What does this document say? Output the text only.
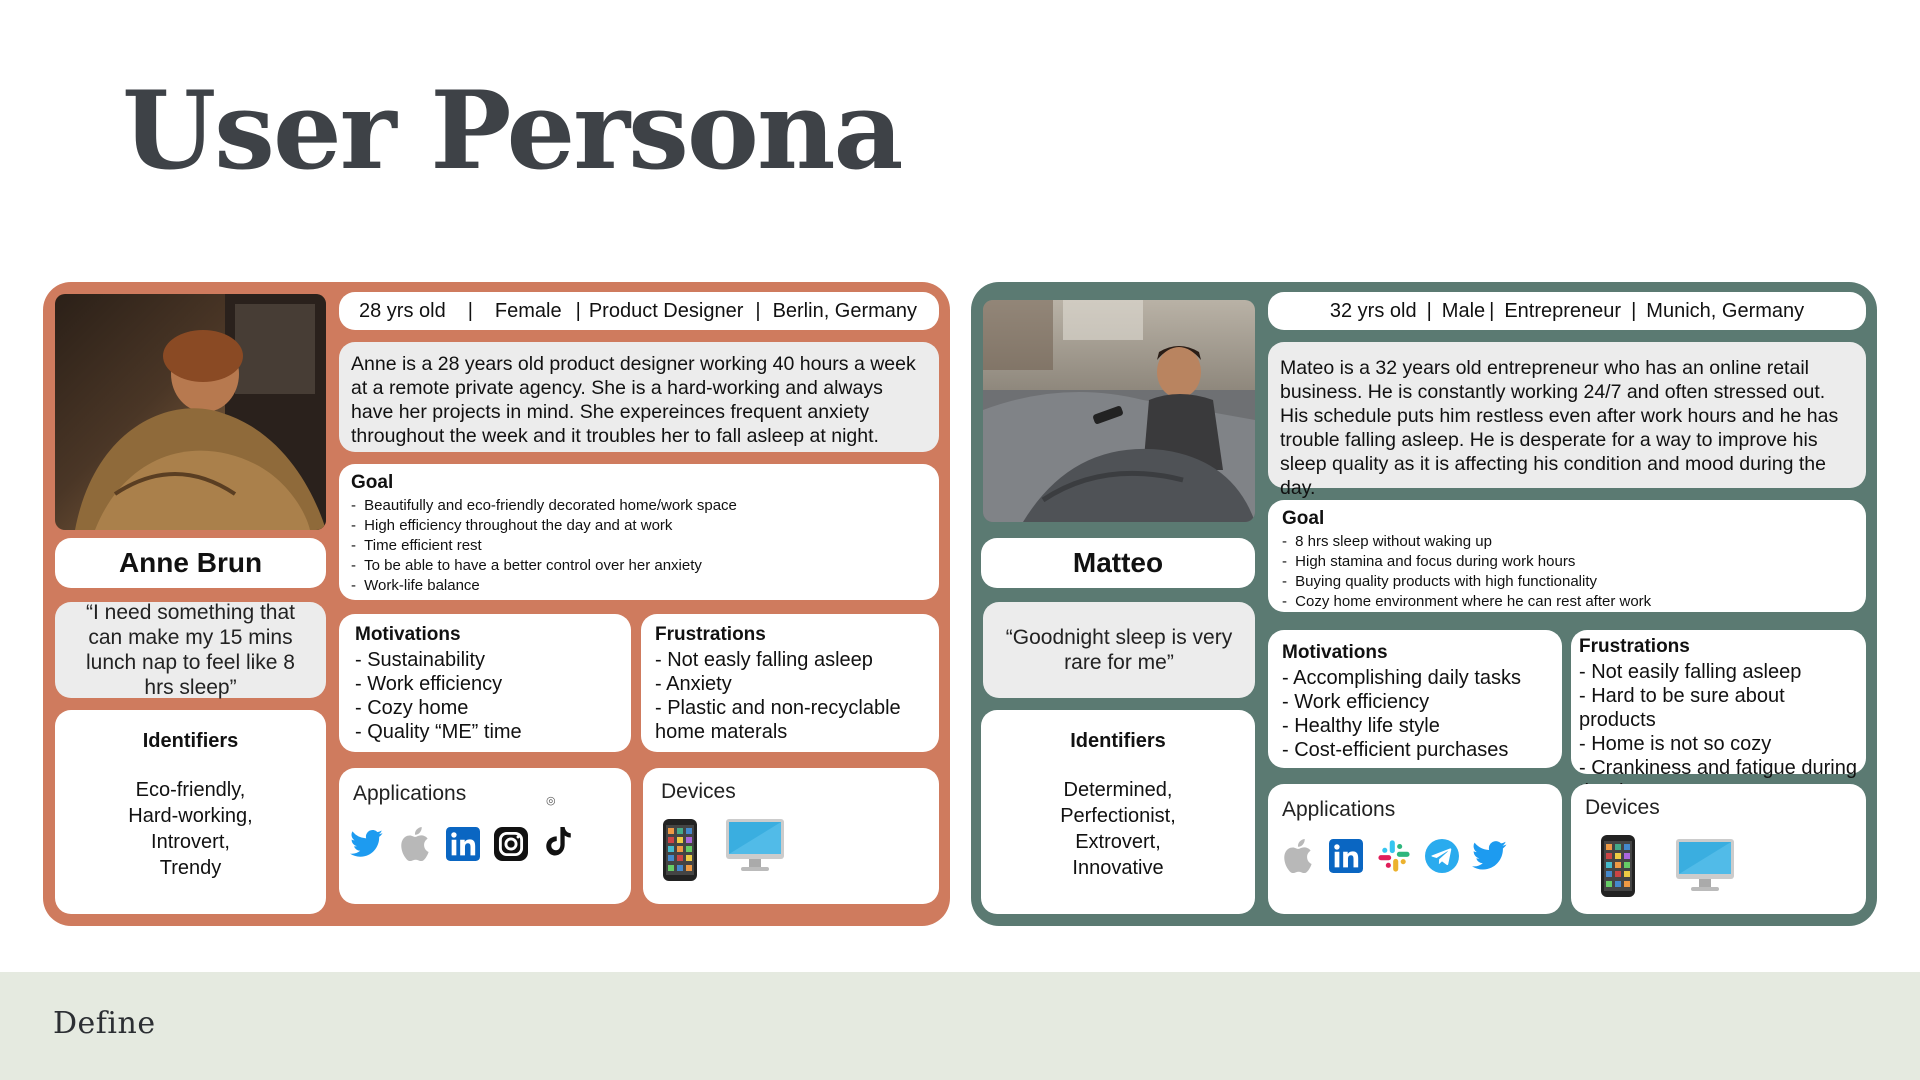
User Persona
Anne Brun
“I need something that can make my 15 mins lunch nap to feel like 8 hrs sleep”
Identifiers
Eco-friendly,
Hard-working,
Introvert,
Trendy
28 yrs old | Female | Product Designer | Berlin, Germany
Anne is a 28 years old product designer working 40 hours a week at a remote private agency. She is a hard-working and always have her projects in mind. She expereinces frequent anxiety throughout the week and it troubles her to fall asleep at night.
Goal
- Beautifully and eco-friendly decorated home/work space
- High efficiency throughout the day and at work
- Time efficient rest
- To be able to have a better control over her anxiety
- Work-life balance
Motivations
- Sustainability
- Work efficiency
- Cozy home
- Quality “ME” time
Frustrations
- Not easly falling asleep
- Anxiety
- Plastic and non-recyclable home materals
Applications	◎	Devices
Matteo
“Goodnight sleep is very rare for me”
Identifiers
Determined,
Perfectionist,
Extrovert,
Innovative
32 yrs old | Male | Entrepreneur | Munich, Germany
Mateo is a 32 years old entrepreneur who has an online retail business. He is constantly working 24/7 and often stressed out. His schedule puts him restless even after work hours and he has trouble falling asleep. He is desperate for a way to improve his sleep quality as it is affecting his condition and mood during the day.
Goal
- 8 hrs sleep without waking up
- High stamina and focus during work hours
- Buying quality products with high functionality
- Cozy home environment where he can rest after work
Motivations
- Accomplishing daily tasks
- Work efficiency
- Healthy life style
- Cost-efficient purchases
Frustrations
- Not easily falling asleep
- Hard to be sure about products
- Home is not so cozy
- Crankiness and fatigue during
Applications	Devices
Define
